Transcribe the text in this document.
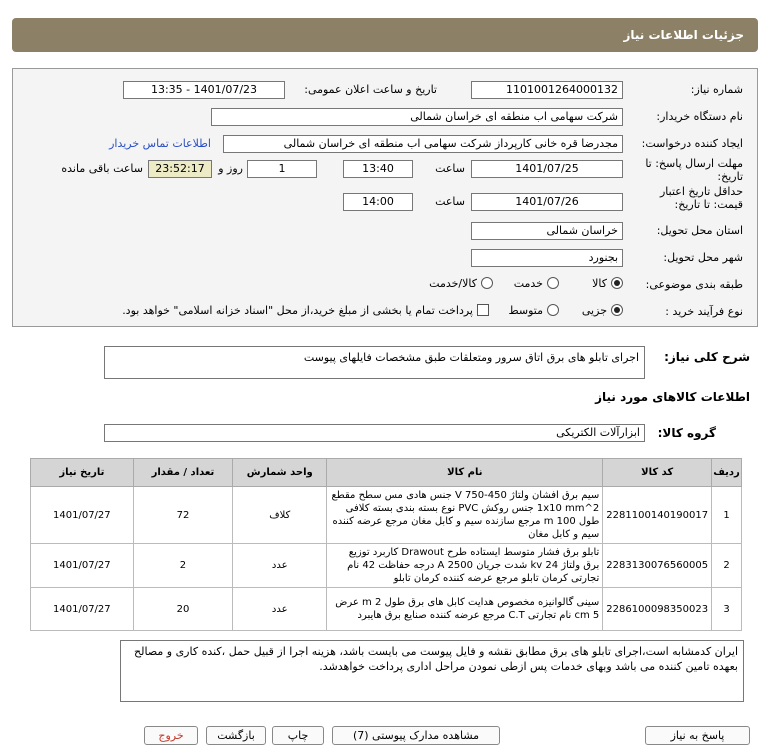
جزئیات اطلاعات نیاز
شماره نیاز:
1101001264000132
تاریخ و ساعت اعلان عمومی:
1401/07/23 - 13:35
نام دستگاه خریدار:
شرکت سهامی اب منطقه ای خراسان شمالی
ایجاد کننده درخواست:
مجدرضا قره خانی کارپرداز شرکت سهامی اب منطقه ای خراسان شمالی
اطلاعات تماس خریدار
مهلت ارسال پاسخ: تا تاریخ:
1401/07/25
ساعت
13:40
1
روز و
23:52:17
ساعت باقی مانده
حداقل تاریخ اعتبار قیمت: تا تاریخ:
1401/07/26
ساعت
14:00
استان محل تحویل:
خراسان شمالی
شهر محل تحویل:
بجنورد
طبقه بندی موضوعی:
کالا
خدمت
کالا/خدمت
نوع فرآیند خرید :
جزیی
متوسط
پرداخت تمام یا بخشی از مبلغ خرید،از محل "اسناد خزانه اسلامی" خواهد بود.
شرح کلی نیاز:
اجرای تابلو های برق اتاق سرور ومتعلقات طبق مشخصات فایلهای پیوست
اطلاعات کالاهای مورد نیاز
گروه کالا:
ابزارآلات الکتریکی
ردیف	کد کالا	نام کالا	واحد شمارش	تعداد / مقدار	تاریخ نیاز
1	2281100140190017	سیم برق افشان ولتاژ 450-750 V جنس هادی مس سطح مقطع 2^1x10 mm جنس روکش PVC نوع بسته بندی بسته کلافی طول 100 m مرجع سازنده سیم و کابل مغان مرجع عرضه کننده سیم و کابل مغان	کلاف	72	1401/07/27
2	2283130076560005	تابلو برق فشار متوسط ایستاده طرح Drawout کاربرد توزیع برق ولتاژ 24 kv شدت جریان 2500 A درجه حفاظت 42 نام تجارتی کرمان تابلو مرجع عرضه کننده کرمان تابلو	عدد	2	1401/07/27
3	2286100098350023	سینی گالوانیزه مخصوص هدایت کابل های برق طول 2 m عرض 5 cm نام تجارتی C.T مرجع عرضه کننده صنایع برق هایبرد	عدد	20	1401/07/27
ایران کدمشابه است،اجرای تابلو های برق مطابق نقشه و فایل پیوست می بایست باشد، هزینه اجرا از قبیل حمل ،کنده کاری و مصالح بعهده تامین کننده می باشد وبهای خدمات پس ازطی نمودن مراحل اداری پرداخت خواهدشد.
پاسخ به نیاز
مشاهده مدارک پیوستی (7)
چاپ
بازگشت
خروج
